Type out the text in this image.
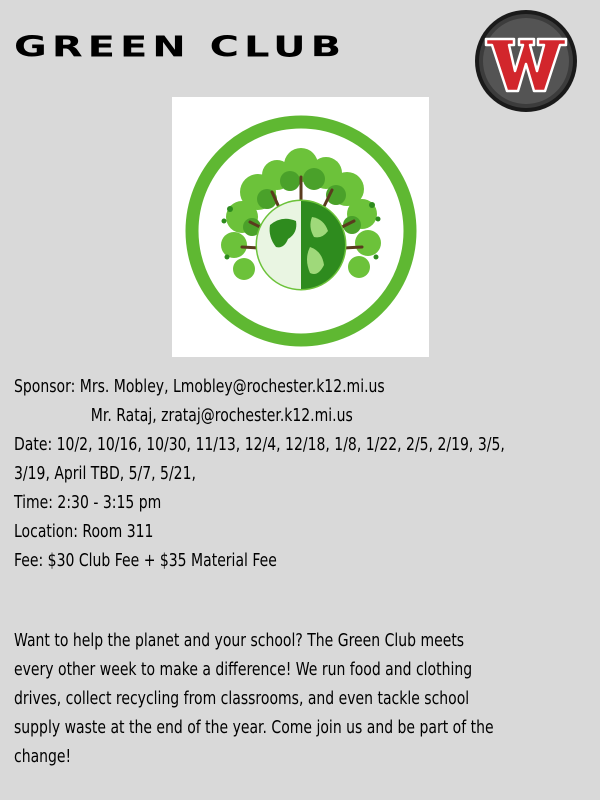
GREEN CLUB
Sponsor: Mrs. Mobley, Lmobley@rochester.k12.mi.us
Mr. Rataj, zrataj@rochester.k12.mi.us
Date: 10/2, 10/16, 10/30, 11/13, 12/4, 12/18, 1/8, 1/22, 2/5, 2/19, 3/5,
3/19, April TBD, 5/7, 5/21,
Time: 2:30 - 3:15 pm
Location: Room 311
Fee: $30 Club Fee + $35 Material Fee
Want to help the planet and your school? The Green Club meets
every other week to make a difference! We run food and clothing
drives, collect recycling from classrooms, and even tackle school
supply waste at the end of the year. Come join us and be part of the
change!
